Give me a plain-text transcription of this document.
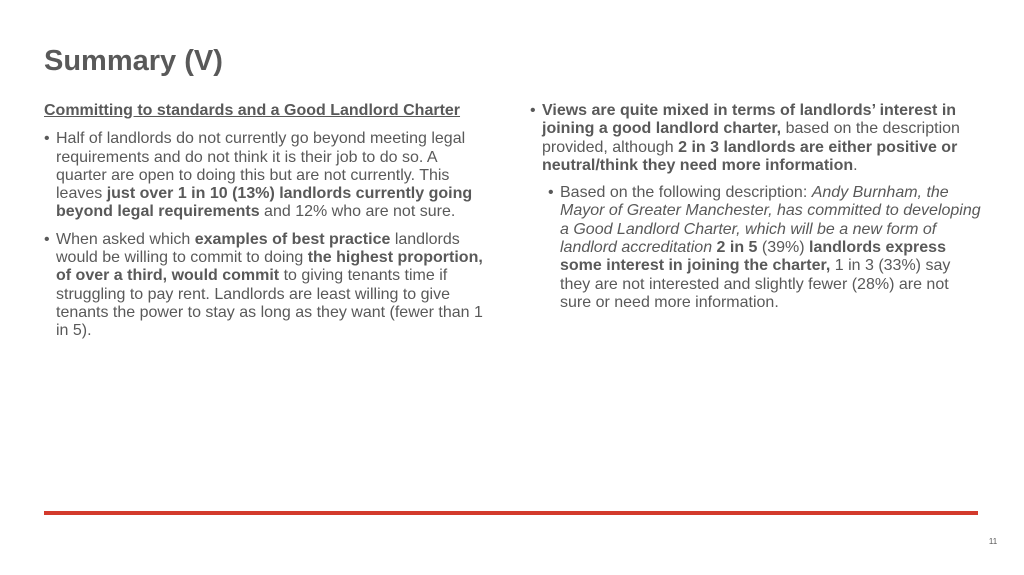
Summary (V)

Committing to standards and a Good Landlord Charter

• Half of landlords do not currently go beyond meeting legal requirements and do not think it is their job to do so. A quarter are open to doing this but are not currently. This leaves just over 1 in 10 (13%) landlords currently going beyond legal requirements and 12% who are not sure.

• When asked which examples of best practice landlords would be willing to commit to doing the highest proportion, of over a third, would commit to giving tenants time if struggling to pay rent. Landlords are least willing to give tenants the power to stay as long as they want (fewer than 1 in 5).

• Views are quite mixed in terms of landlords’ interest in joining a good landlord charter, based on the description provided, although 2 in 3 landlords are either positive or neutral/think they need more information.

• Based on the following description: Andy Burnham, the Mayor of Greater Manchester, has committed to developing a Good Landlord Charter, which will be a new form of landlord accreditation 2 in 5 (39%) landlords express some interest in joining the charter, 1 in 3 (33%) say they are not interested and slightly fewer (28%) are not sure or need more information.

11
